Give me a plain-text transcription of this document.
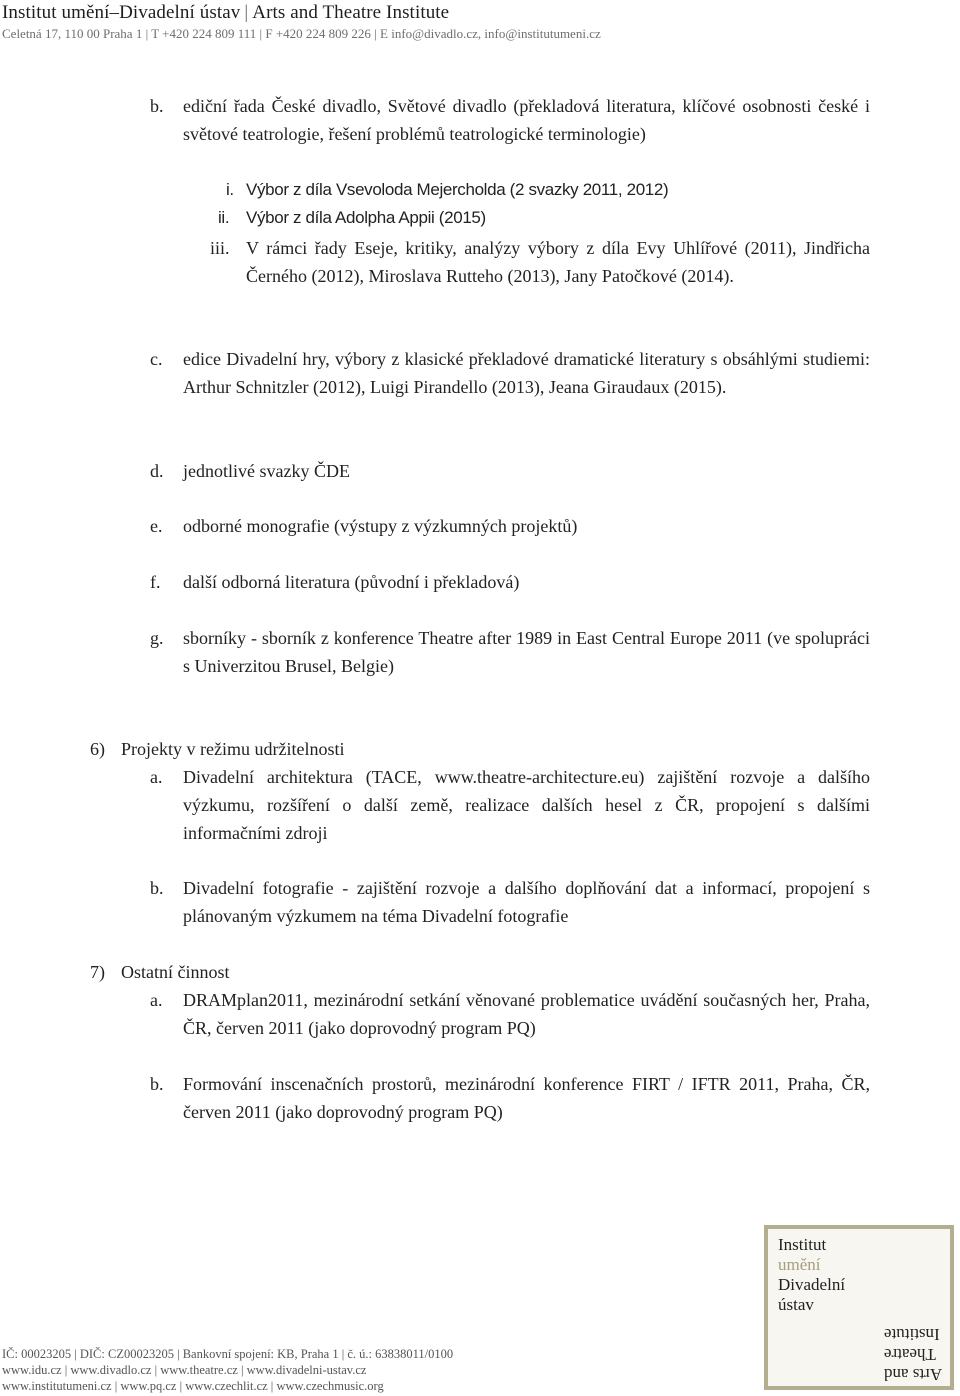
Institut umění–Divadelní ústav | Arts and Theatre Institute
Celetná 17, 110 00 Praha 1 | T +420 224 809 111 | F +420 224 809 226 | E info@divadlo.cz, info@institutumeni.cz
b. ediční řada České divadlo, Světové divadlo (překladová literatura, klíčové osobnosti české i světové teatrologie, řešení problémů teatrologické terminologie)
i. Výbor z díla Vsevoloda Mejercholda (2 svazky 2011, 2012)
ii. Výbor z díla Adolpha Appii (2015)
iii. V rámci řady Eseje, kritiky, analýzy výbory z díla Evy Uhlířové (2011), Jindřicha Černého (2012), Miroslava Rutteho (2013), Jany Patočkové (2014).
c. edice Divadelní hry, výbory z klasické překladové dramatické literatury s obsáhlými studiemi: Arthur Schnitzler (2012), Luigi Pirandello (2013), Jeana Giraudaux (2015).
d. jednotlivé svazky ČDE
e. odborné monografie (výstupy z výzkumných projektů)
f. další odborná literatura (původní i překladová)
g. sborníky - sborník z konference Theatre after 1989 in East Central Europe 2011 (ve spolupráci s Univerzitou Brusel, Belgie)
6) Projekty v režimu udržitelnosti
a. Divadelní architektura (TACE, www.theatre-architecture.eu) zajištění rozvoje a dalšího výzkumu, rozšíření o další země, realizace dalších hesel z ČR, propojení s dalšími informačními zdroji
b. Divadelní fotografie - zajištění rozvoje a dalšího doplňování dat a informací, propojení s plánovaným výzkumem na téma Divadelní fotografie
7) Ostatní činnost
a. DRAMplan2011, mezinárodní setkání věnované problematice uvádění současných her, Praha, ČR, červen 2011 (jako doprovodný program PQ)
b. Formování inscenačních prostorů, mezinárodní konference FIRT / IFTR 2011, Praha, ČR, červen 2011 (jako doprovodný program PQ)
Institut
umění
Divadelní
ústav
Arts and
Theatre
Institute
IČ: 00023205 | DIČ: CZ00023205 | Bankovní spojení: KB, Praha 1 | č. ú.: 63838011/0100
www.idu.cz | www.divadlo.cz | www.theatre.cz | www.divadelni-ustav.cz
www.institutumeni.cz | www.pq.cz | www.czechlit.cz | www.czechmusic.org
